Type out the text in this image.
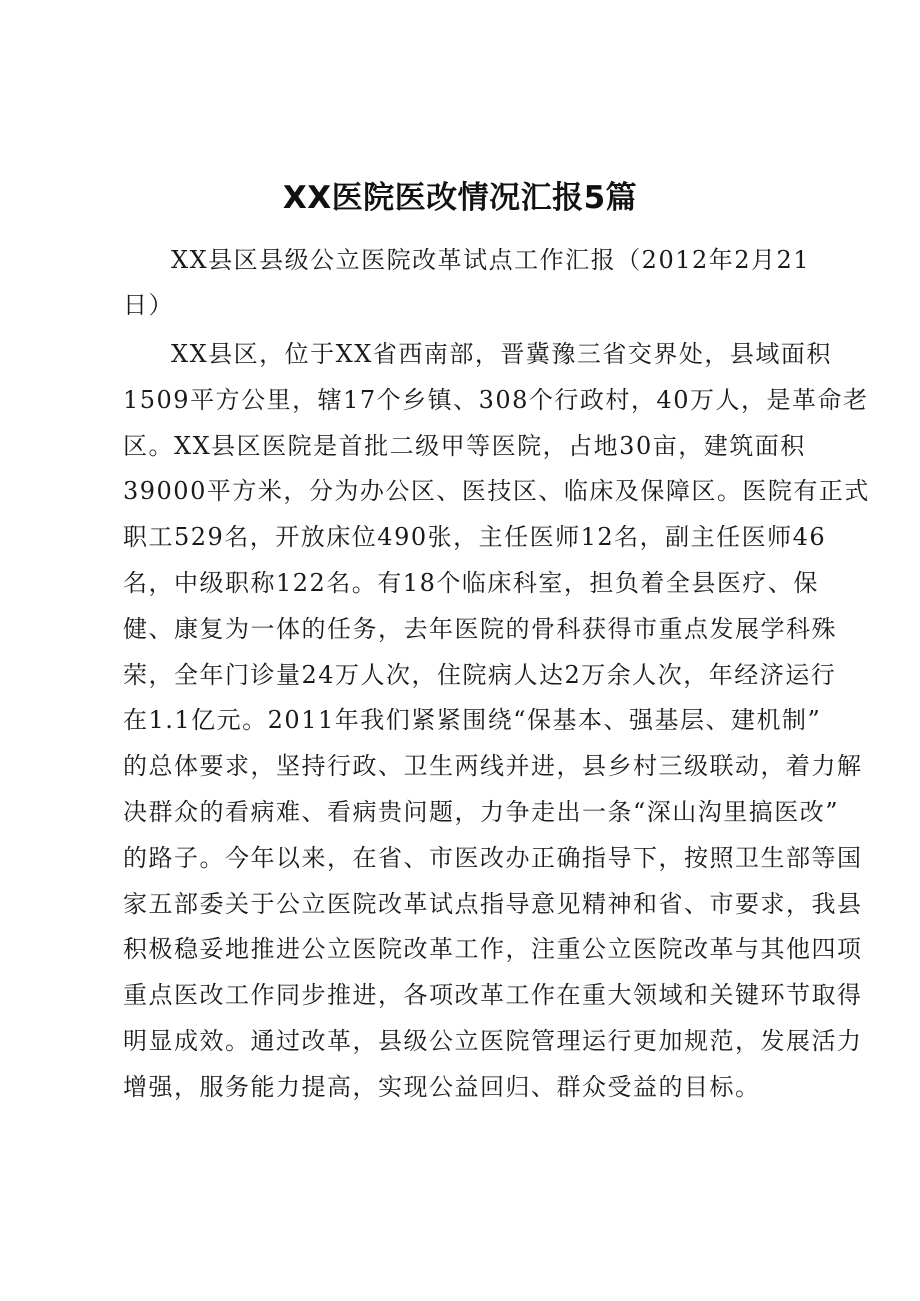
XX医院医改情况汇报5篇

XX县区县级公立医院改革试点工作汇报（2012年2月21
日）

XX县区，位于XX省西南部，晋冀豫三省交界处，县域面积
1509平方公里，辖17个乡镇、308个行政村，40万人，是革命老
区。XX县区医院是首批二级甲等医院，占地30亩，建筑面积
39000平方米，分为办公区、医技区、临床及保障区。医院有正式
职工529名，开放床位490张，主任医师12名，副主任医师46
名，中级职称122名。有18个临床科室，担负着全县医疗、保
健、康复为一体的任务，去年医院的骨科获得市重点发展学科殊
荣，全年门诊量24万人次，住院病人达2万余人次，年经济运行
在1.1亿元。2011年我们紧紧围绕“保基本、强基层、建机制”
的总体要求，坚持行政、卫生两线并进，县乡村三级联动，着力解
决群众的看病难、看病贵问题，力争走出一条“深山沟里搞医改”
的路子。今年以来，在省、市医改办正确指导下，按照卫生部等国
家五部委关于公立医院改革试点指导意见精神和省、市要求，我县
积极稳妥地推进公立医院改革工作，注重公立医院改革与其他四项
重点医改工作同步推进，各项改革工作在重大领域和关键环节取得
明显成效。通过改革，县级公立医院管理运行更加规范，发展活力
增强，服务能力提高，实现公益回归、群众受益的目标。
